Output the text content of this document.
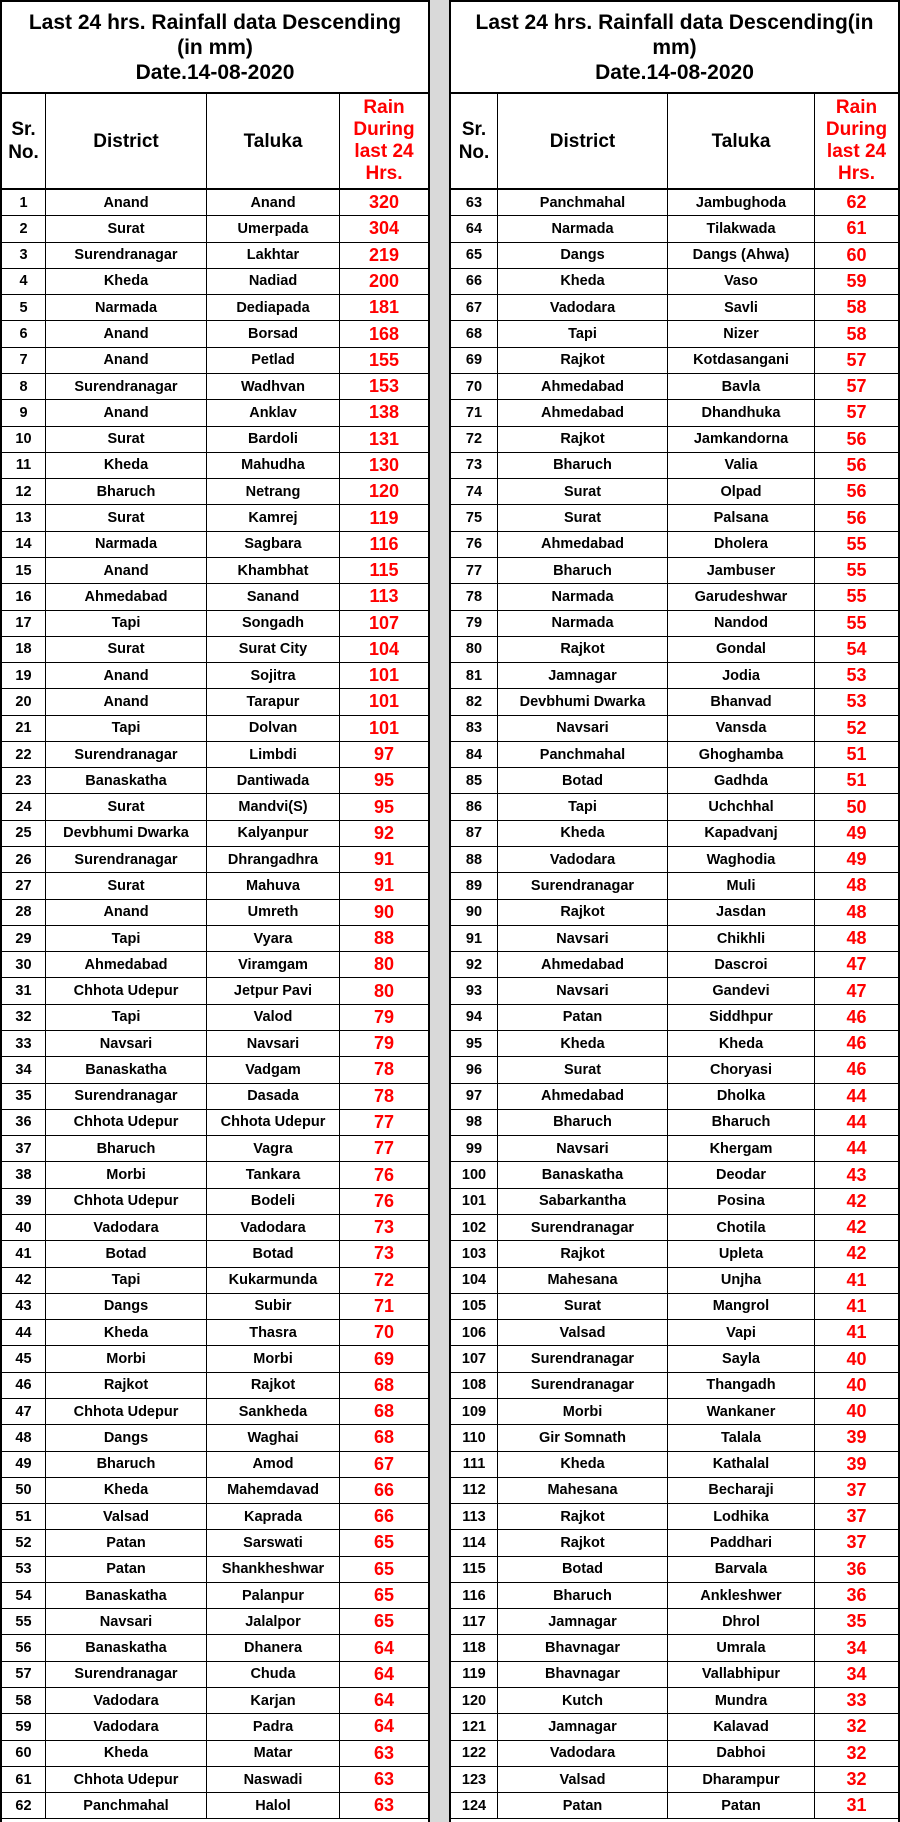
Last 24 hrs. Rainfall data Descending
(in mm)
Date.14-08-2020
Sr.
No.
District	Taluka
Rain
During
last 24
Hrs.
1	Anand	Anand	320
2	Surat	Umerpada	304
3	Surendranagar	Lakhtar	219
4	Kheda	Nadiad	200
5	Narmada	Dediapada	181
6	Anand	Borsad	168
7	Anand	Petlad	155
8	Surendranagar	Wadhvan	153
9	Anand	Anklav	138
10	Surat	Bardoli	131
11	Kheda	Mahudha	130
12	Bharuch	Netrang	120
13	Surat	Kamrej	119
14	Narmada	Sagbara	116
15	Anand	Khambhat	115
16	Ahmedabad	Sanand	113
17	Tapi	Songadh	107
18	Surat	Surat City	104
19	Anand	Sojitra	101
20	Anand	Tarapur	101
21	Tapi	Dolvan	101
22	Surendranagar	Limbdi	97
23	Banaskatha	Dantiwada	95
24	Surat	Mandvi(S)	95
25	Devbhumi Dwarka	Kalyanpur	92
26	Surendranagar	Dhrangadhra	91
27	Surat	Mahuva	91
28	Anand	Umreth	90
29	Tapi	Vyara	88
30	Ahmedabad	Viramgam	80
31	Chhota Udepur	Jetpur Pavi	80
32	Tapi	Valod	79
33	Navsari	Navsari	79
34	Banaskatha	Vadgam	78
35	Surendranagar	Dasada	78
36	Chhota Udepur	Chhota Udepur	77
37	Bharuch	Vagra	77
38	Morbi	Tankara	76
39	Chhota Udepur	Bodeli	76
40	Vadodara	Vadodara	73
41	Botad	Botad	73
42	Tapi	Kukarmunda	72
43	Dangs	Subir	71
44	Kheda	Thasra	70
45	Morbi	Morbi	69
46	Rajkot	Rajkot	68
47	Chhota Udepur	Sankheda	68
48	Dangs	Waghai	68
49	Bharuch	Amod	67
50	Kheda	Mahemdavad	66
51	Valsad	Kaprada	66
52	Patan	Sarswati	65
53	Patan	Shankheshwar	65
54	Banaskatha	Palanpur	65
55	Navsari	Jalalpor	65
56	Banaskatha	Dhanera	64
57	Surendranagar	Chuda	64
58	Vadodara	Karjan	64
59	Vadodara	Padra	64
60	Kheda	Matar	63
61	Chhota Udepur	Naswadi	63
62	Panchmahal	Halol	63
Last 24 hrs. Rainfall data Descending(in
mm)
Date.14-08-2020
Sr.
No.
District	Taluka
Rain
During
last 24
Hrs.
63	Panchmahal	Jambughoda	62
64	Narmada	Tilakwada	61
65	Dangs	Dangs (Ahwa)	60
66	Kheda	Vaso	59
67	Vadodara	Savli	58
68	Tapi	Nizer	58
69	Rajkot	Kotdasangani	57
70	Ahmedabad	Bavla	57
71	Ahmedabad	Dhandhuka	57
72	Rajkot	Jamkandorna	56
73	Bharuch	Valia	56
74	Surat	Olpad	56
75	Surat	Palsana	56
76	Ahmedabad	Dholera	55
77	Bharuch	Jambuser	55
78	Narmada	Garudeshwar	55
79	Narmada	Nandod	55
80	Rajkot	Gondal	54
81	Jamnagar	Jodia	53
82	Devbhumi Dwarka	Bhanvad	53
83	Navsari	Vansda	52
84	Panchmahal	Ghoghamba	51
85	Botad	Gadhda	51
86	Tapi	Uchchhal	50
87	Kheda	Kapadvanj	49
88	Vadodara	Waghodia	49
89	Surendranagar	Muli	48
90	Rajkot	Jasdan	48
91	Navsari	Chikhli	48
92	Ahmedabad	Dascroi	47
93	Navsari	Gandevi	47
94	Patan	Siddhpur	46
95	Kheda	Kheda	46
96	Surat	Choryasi	46
97	Ahmedabad	Dholka	44
98	Bharuch	Bharuch	44
99	Navsari	Khergam	44
100	Banaskatha	Deodar	43
101	Sabarkantha	Posina	42
102	Surendranagar	Chotila	42
103	Rajkot	Upleta	42
104	Mahesana	Unjha	41
105	Surat	Mangrol	41
106	Valsad	Vapi	41
107	Surendranagar	Sayla	40
108	Surendranagar	Thangadh	40
109	Morbi	Wankaner	40
110	Gir Somnath	Talala	39
111	Kheda	Kathalal	39
112	Mahesana	Becharaji	37
113	Rajkot	Lodhika	37
114	Rajkot	Paddhari	37
115	Botad	Barvala	36
116	Bharuch	Ankleshwer	36
117	Jamnagar	Dhrol	35
118	Bhavnagar	Umrala	34
119	Bhavnagar	Vallabhipur	34
120	Kutch	Mundra	33
121	Jamnagar	Kalavad	32
122	Vadodara	Dabhoi	32
123	Valsad	Dharampur	32
124	Patan	Patan	31
